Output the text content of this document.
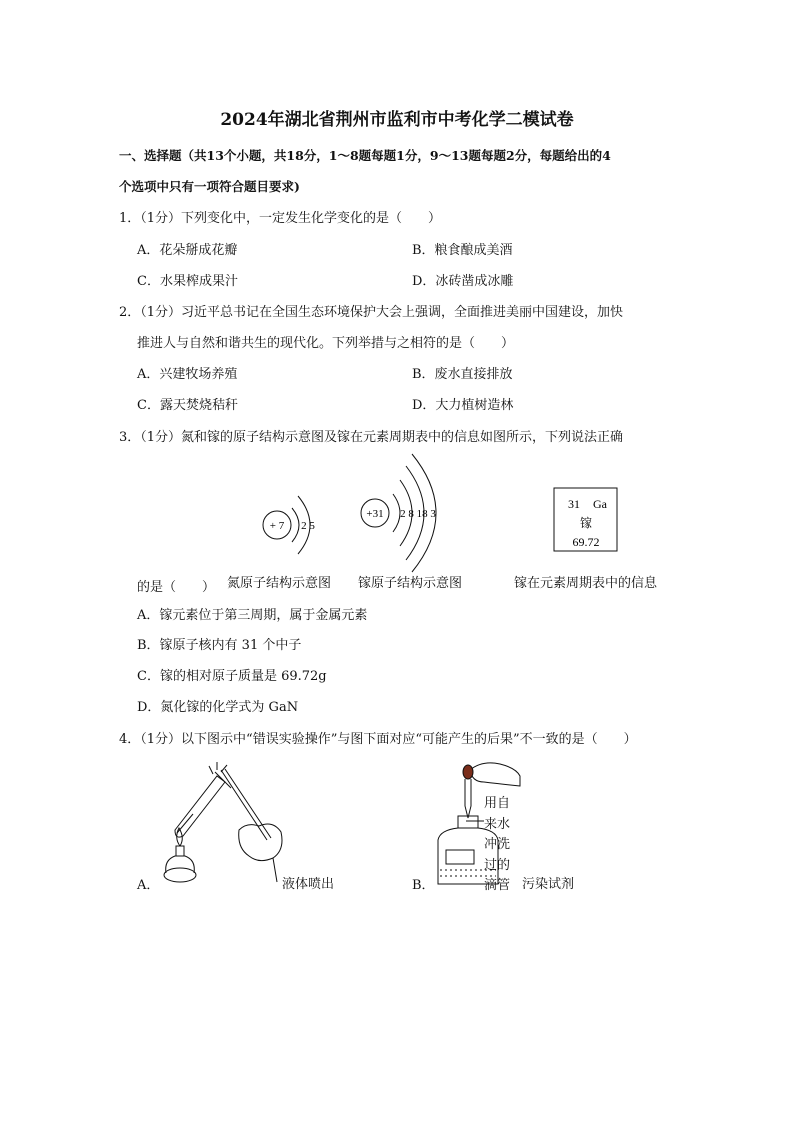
2024年湖北省荆州市监利市中考化学二模试卷
一、选择题（共13个小题，共18分，1～8题每题1分，9～13题每题2分，每题给出的4
个选项中只有一项符合题目要求)
1．（1分）下列变化中，一定发生化学变化的是（　　）
A．花朵掰成花瓣	B．粮食酿成美酒
C．水果榨成果汁	D．冰砖凿成冰雕
2．（1分）习近平总书记在全国生态环境保护大会上强调，全面推进美丽中国建设，加快
推进人与自然和谐共生的现代化。下列举措与之相符的是（　　）
A．兴建牧场养殖	B．废水直接排放
C．露天焚烧秸秆	D．大力植树造林
3．（1分）氮和镓的原子结构示意图及镓在元素周期表中的信息如图所示，下列说法正确
+ 7 2 5
+31 2 8 18 3
31 Ga
镓
69.72
的是（　　） 氮原子结构示意图 镓原子结构示意图	镓在元素周期表中的信息
A．镓元素位于第三周期，属于金属元素
B．镓原子核内有 31 个中子
C．镓的相对原子质量是 69.72g
D．氮化镓的化学式为 GaN
4．（1分）以下图示中“错误实验操作”与图下面对应“可能产生的后果”不一致的是（　　）
A．	液体喷出
用自
来水
冲洗
过的
滴管
B．	污染试剂
